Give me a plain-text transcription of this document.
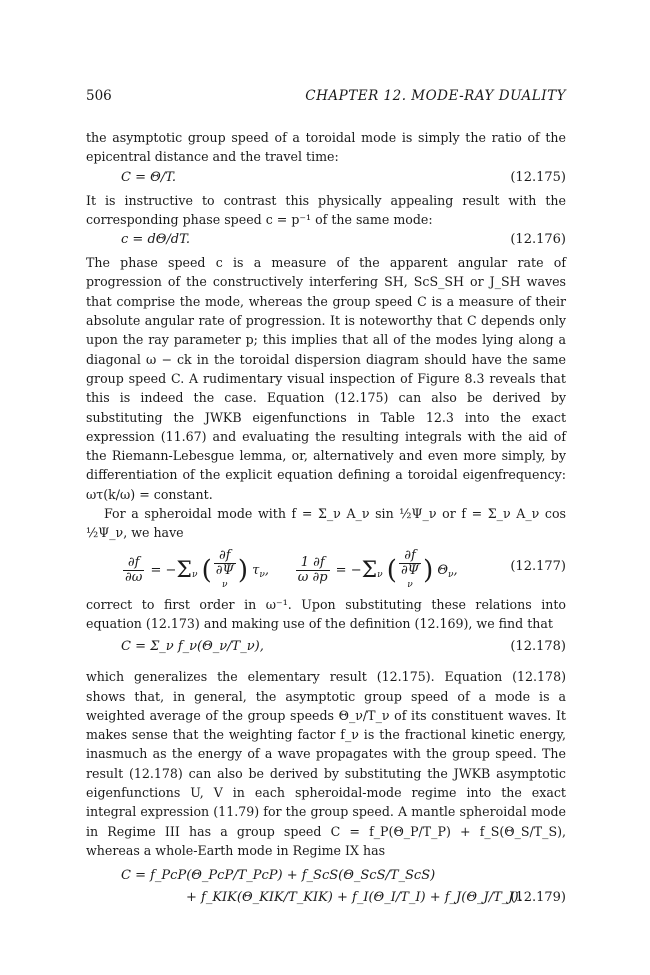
506	CHAPTER 12. MODE-RAY DUALITY

the asymptotic group speed of a toroidal mode is simply the ratio of the epicentral distance and the travel time:

C = Θ/T.	(12.175)

It is instructive to contrast this physically appealing result with the corresponding phase speed c = p⁻¹ of the same mode:

c = dΘ/dT.	(12.176)

The phase speed c is a measure of the apparent angular rate of progression of the constructively interfering SH, ScS_SH or J_SH waves that comprise the mode, whereas the group speed C is a measure of their absolute angular rate of progression. It is noteworthy that C depends only upon the ray parameter p; this implies that all of the modes lying along a diagonal ω − ck in the toroidal dispersion diagram should have the same group speed C. A rudimentary visual inspection of Figure 8.3 reveals that this is indeed the case. Equation (12.175) can also be derived by substituting the JWKB eigenfunctions in Table 12.3 into the exact expression (11.67) and evaluating the resulting integrals with the aid of the Riemann-Lebesgue lemma, or, alternatively and even more simply, by differentiation of the explicit equation defining a toroidal eigenfrequency: ωτ(k/ω) = constant.

For a spheroidal mode with f = Σ_ν A_ν sin ½Ψ_ν or f = Σ_ν A_ν cos ½Ψ_ν, we have

$\frac{\partial f}{\partial\omega} = -\Sigma_\nu$ ( ∂f
∂Ψ
ν ) $\tau_\nu$, $\frac{1 \partial f}{\omega \partial p} = -\Sigma_\nu$ ( ∂f
∂Ψ
ν ) $\Theta_\nu$,	(12.177)

correct to first order in ω⁻¹. Upon substituting these relations into equation (12.173) and making use of the definition (12.169), we find that

C = Σ_ν f_ν(Θ_ν/T_ν),	(12.178)

which generalizes the elementary result (12.175). Equation (12.178) shows that, in general, the asymptotic group speed of a mode is a weighted average of the group speeds Θ_ν/T_ν of its constituent waves. It makes sense that the weighting factor f_ν is the fractional kinetic energy, inasmuch as the energy of a wave propagates with the group speed. The result (12.178) can also be derived by substituting the JWKB asymptotic eigenfunctions U, V in each spheroidal-mode regime into the exact integral expression (11.79) for the group speed. A mantle spheroidal mode in Regime III has a group speed C = f_P(Θ_P/T_P) + f_S(Θ_S/T_S), whereas a whole-Earth mode in Regime IX has

C = f_PcP(Θ_PcP/T_PcP) + f_ScS(Θ_ScS/T_ScS)
+ f_KIK(Θ_KIK/T_KIK) + f_I(Θ_I/T_I) + f_J(Θ_J/T_J).
(12.179)
